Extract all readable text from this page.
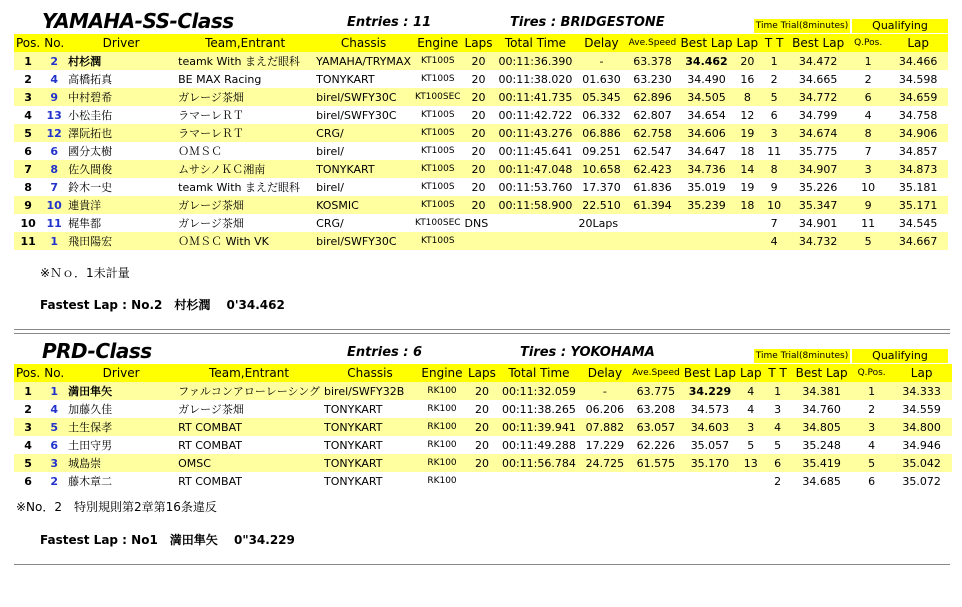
YAMAHA-SS-Class	Entries : 11	Tires : BRIDGESTONE	Time Trial(8minutes)	Qualifying
Pos.	No.	Driver	Team,Entrant	Chassis	Engine	Laps	Total Time	Delay	Ave.Speed	Best Lap	Lap	T T	Best Lap	Q.Pos.	Lap
1	2	村杉潤	teamk With まえだ眼科	YAMAHA/TRYMAX	KT100S	20	00:11:36.390	-	63.378	34.462	20	1	34.472	1	34.466
2	4	高橋拓真	BE MAX Racing	TONYKART	KT100S	20	00:11:38.020	01.630	63.230	34.490	16	2	34.665	2	34.598
3	9	中村碧希	ガレージ茶畑	birel/SWFY30C	KT100SEC	20	00:11:41.735	05.345	62.896	34.505	8	5	34.772	6	34.659
4	13	小松圭佑	ラマーレＲＴ	birel/SWFY30C	KT100S	20	00:11:42.722	06.332	62.807	34.654	12	6	34.799	4	34.758
5	12	澤阮拓也	ラマーレＲＴ	CRG/	KT100S	20	00:11:43.276	06.886	62.758	34.606	19	3	34.674	8	34.906
6	6	國分太樹	ＯＭＳＣ	birel/	KT100S	20	00:11:45.641	09.251	62.547	34.647	18	11	35.775	7	34.857
7	8	佐久間俊	ムサシノＫＣ湘南	TONYKART	KT100S	20	00:11:47.048	10.658	62.423	34.736	14	8	34.907	3	34.873
8	7	鈴木一史	teamk With まえだ眼科	birel/	KT100S	20	00:11:53.760	17.370	61.836	35.019	19	9	35.226	10	35.181
9	10	連貴洋	ガレージ茶畑	KOSMIC	KT100S	20	00:11:58.900	22.510	61.394	35.239	18	10	35.347	9	35.171
10	11	梶隼都	ガレージ茶畑	CRG/	KT100SEC	DNS		20Laps				7	34.901	11	34.545
11	1	飛田陽宏	ＯＭＳＣ With VK	birel/SWFY30C	KT100S							4	34.732	5	34.667
※Ｎｏ．1未計量
Fastest Lap : No.2　村杉潤　 0'34.462
PRD-Class	Entries : 6	Tires : YOKOHAMA	Time Trial(8minutes)	Qualifying
Pos.	No.	Driver	Team,Entrant	Chassis	Engine	Laps	Total Time	Delay	Ave.Speed	Best Lap	Lap	T T	Best Lap	Q.Pos.	Lap
1	1	満田隼矢	ファルコンアローレーシング	birel/SWFY32B	RK100	20	00:11:32.059	-	63.775	34.229	4	1	34.381	1	34.333
2	4	加藤久佳	ガレージ茶畑	TONYKART	RK100	20	00:11:38.265	06.206	63.208	34.573	4	3	34.760	2	34.559
3	5	土生保孝	RT COMBAT	TONYKART	RK100	20	00:11:39.941	07.882	63.057	34.603	3	4	34.805	3	34.800
4	6	土田守男	RT COMBAT	TONYKART	RK100	20	00:11:49.288	17.229	62.226	35.057	5	5	35.248	4	34.946
5	3	城島崇	OMSC	TONYKART	RK100	20	00:11:56.784	24.725	61.575	35.170	13	6	35.419	5	35.042
6	2	藤木章二	RT COMBAT	TONYKART	RK100							2	34.685	6	35.072
※No．2　特別規則第2章第16条違反
Fastest Lap : No1　満田隼矢　 0"34.229
